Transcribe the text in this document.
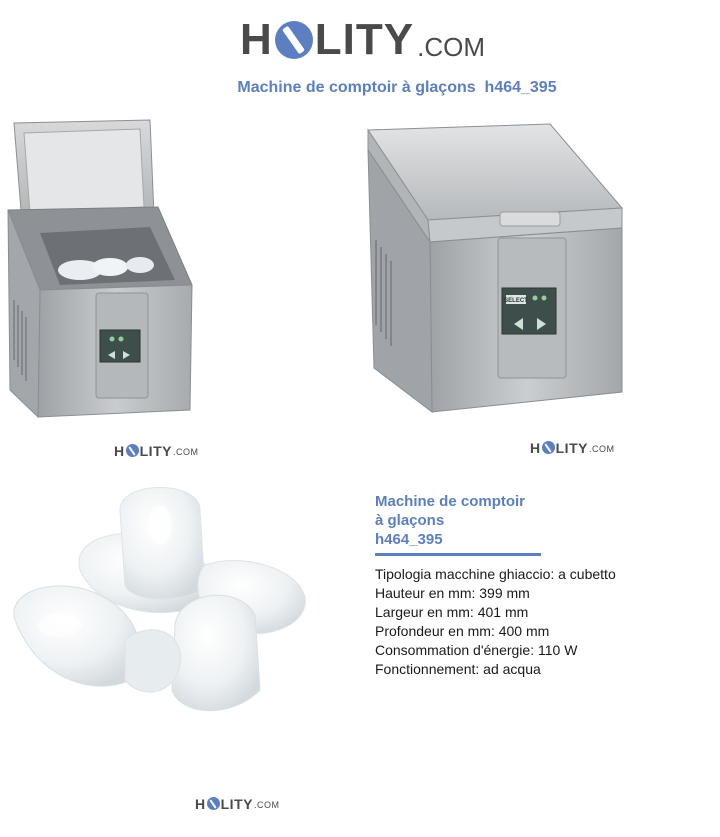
H LITY .COM
Machine de comptoir à glaçons  h464_395
SELECT
H LITY .COM	H LITY .COM
Machine de comptoir
à glaçons
h464_395
Tipologia macchine ghiaccio: a cubetto
Hauteur en mm: 399 mm
Largeur en mm: 401 mm
Profondeur en mm: 400 mm
Consommation d'énergie: 110 W
Fonctionnement: ad acqua
H LITY .COM
